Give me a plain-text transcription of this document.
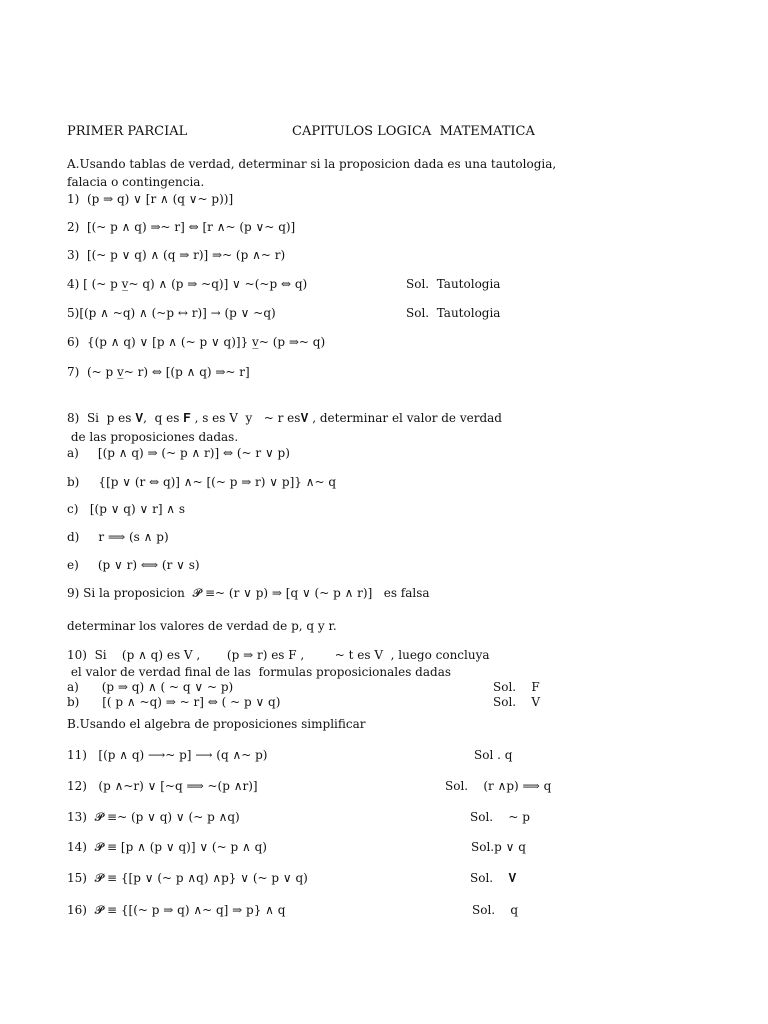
PRIMER PARCIAL	CAPITULOS LOGICA  MATEMATICA
A.Usando tablas de verdad, determinar si la proposicion dada es una tautologia,
falacia o contingencia.
1)  (p ⇒ q) ∨ [r ∧ (q ∨~ p))]
2)  [(~ p ∧ q) ⇒~ r] ⇔ [r ∧~ (p ∨~ q)]
3)  [(~ p ∨ q) ∧ (q ⇒ r)] ⇒~ (p ∧~ r)
4) [ (~ p v̲~ q) ∧ (p ⇒ ~q)] ∨ ~(~p ⇔ q)	Sol.  Tautologia
5)[(p ∧ ~q) ∧ (~p ↔ r)] → (p ∨ ~q)	Sol.  Tautologia
6)  {(p ∧ q) ∨ [p ∧ (~ p ∨ q)]} v̲~ (p ⇒~ q)
7)  (~ p v̲~ r) ⇔ [(p ∧ q) ⇒~ r]
8)  Si  p es 𝐕,  q es 𝐅 , s es V  y   ~ r es𝐕 , determinar el valor de verdad
de las proposiciones dadas.
a)     [(p ∧ q) ⇒ (~ p ∧ r)] ⇔ (~ r ∨ p)
b)     {[p ∨ (r ⇔ q)] ∧~ [(~ p ⇒ r) ∨ p]} ∧~ q
c)   [(p ∨ q) ∨ r] ∧ s
d)     r ⟹ (s ∧ p)
e)     (p ∨ r) ⟺ (r ∨ s)
9) Si la proposicion  𝓟 ≡~ (r ∨ p) ⇒ [q ∨ (~ p ∧ r)]   es falsa
determinar los valores de verdad de p, q y r.
10)  Si    (p ∧ q) es V ,       (p ⇒ r) es F ,        ~ t es V  , luego concluya
el valor de verdad final de las  formulas proposicionales dadas
a)      (p ⇒ q) ∧ ( ~ q ∨ ~ p)	Sol.    F
b)      [( p ∧ ~q) ⇒ ~ r] ⇔ ( ~ p ∨ q)	Sol.    V
B.Usando el algebra de proposiciones simplificar
11)   [(p ∧ q) ⟶~ p] ⟶ (q ∧~ p)	Sol . q
12)   (p ∧~r) ∨ [~q ⟹ ~(p ∧r)]	Sol.    (r ∧p) ⟹ q
13)  𝓟 ≡~ (p ∨ q) ∨ (~ p ∧q)	Sol.    ~ p
14)  𝓟 ≡ [p ∧ (p ∨ q)] ∨ (~ p ∧ q)	Sol.p ∨ q
15)  𝓟 ≡ {[p ∨ (~ p ∧q) ∧p} ∨ (~ p ∨ q)	Sol.    𝐕
16)  𝓟 ≡ {[(~ p ⇒ q) ∧~ q] ⇒ p} ∧ q	Sol.    q
